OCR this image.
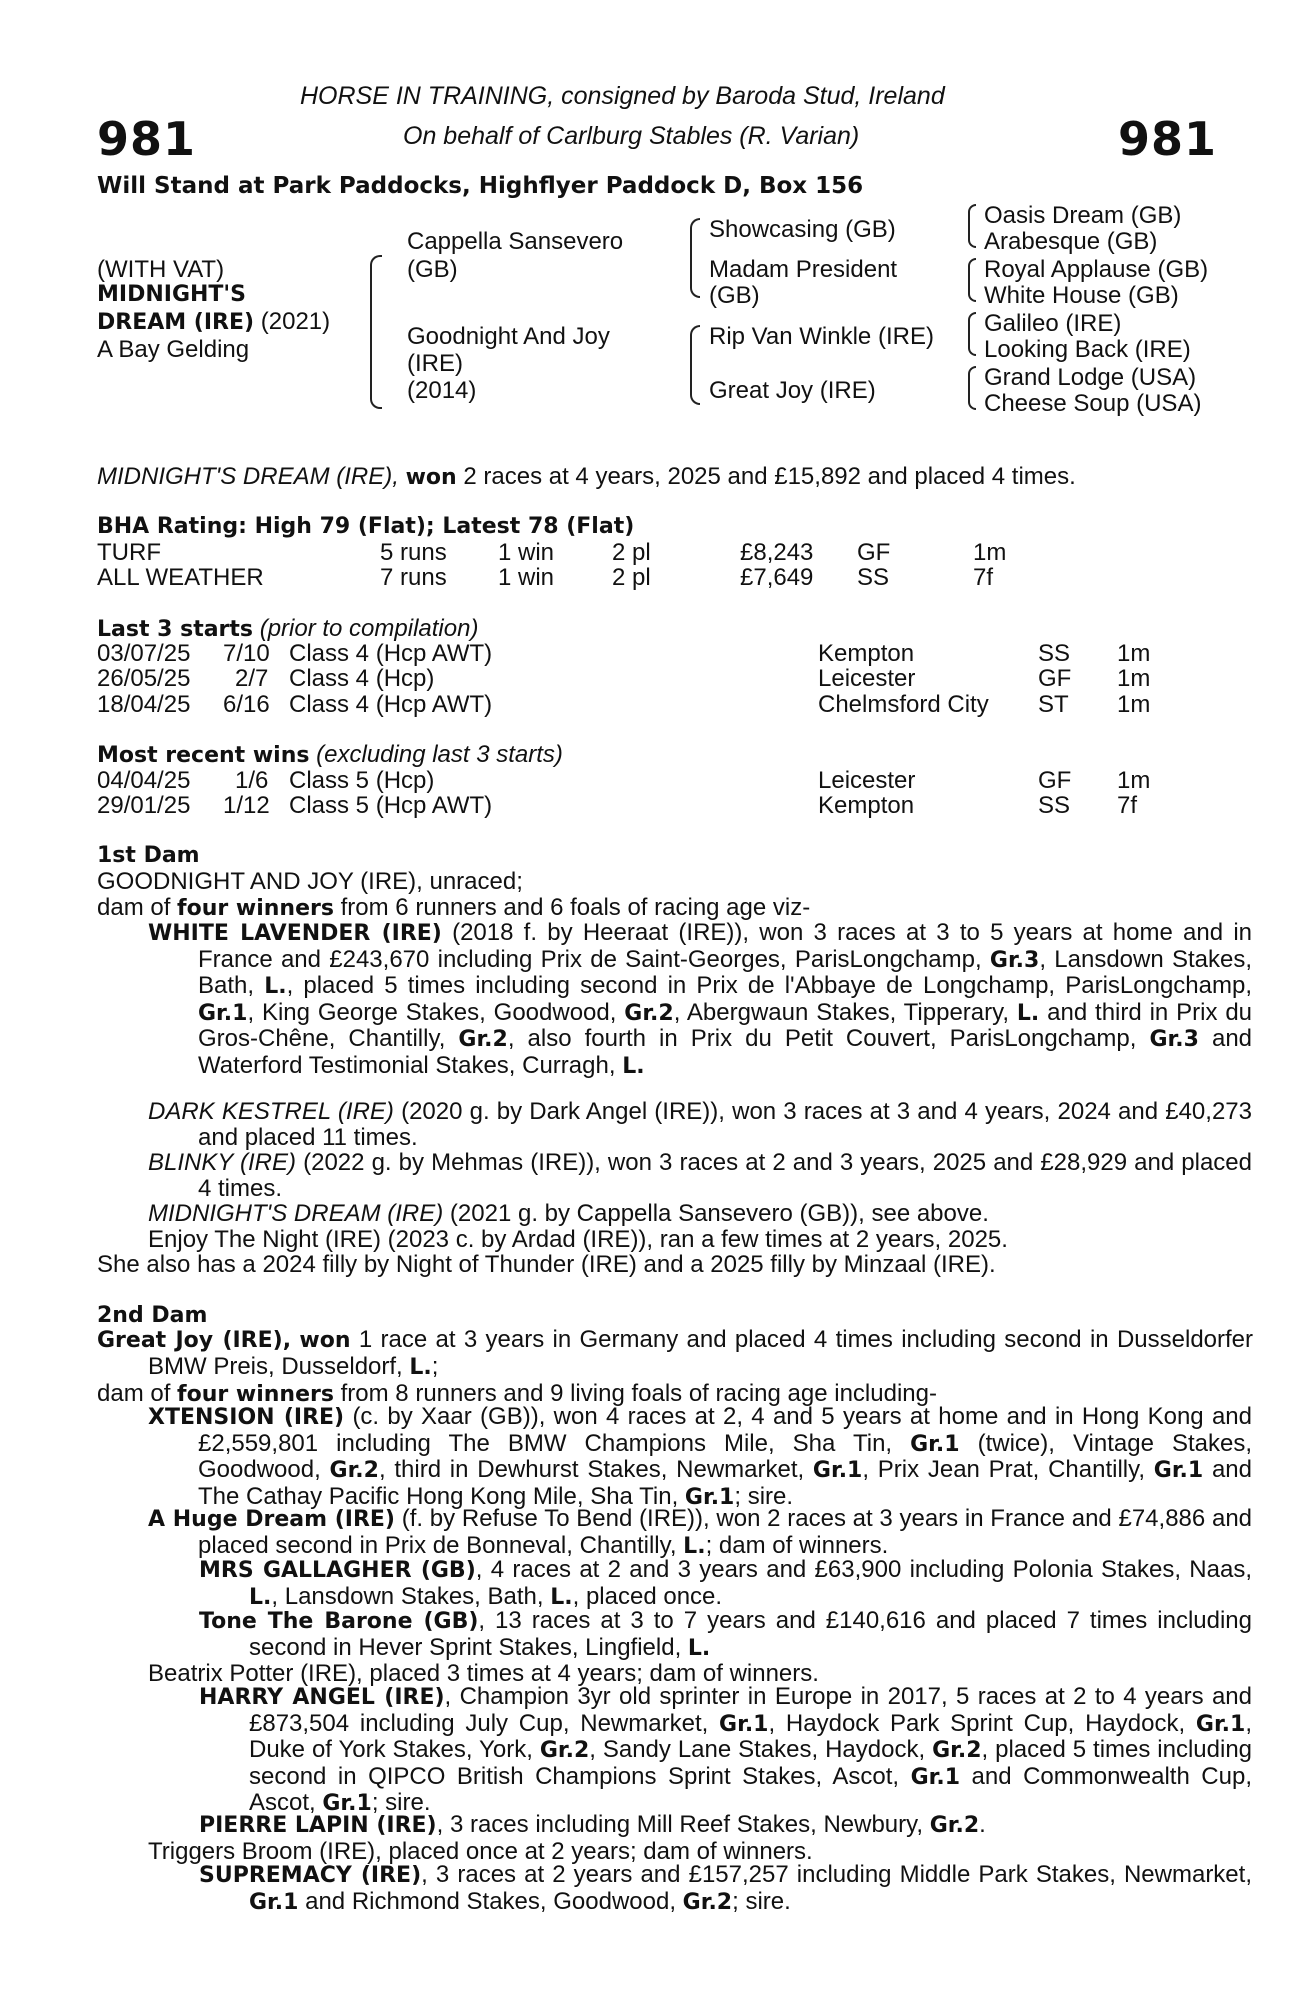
981	981
HORSE IN TRAINING, consigned by Baroda Stud, Ireland
On behalf of Carlburg Stables (R. Varian)
Will Stand at Park Paddocks, Highflyer Paddock D, Box 156
(WITH VAT)
MIDNIGHT'S
DREAM (IRE) (2021)
A Bay Gelding
Cappella Sansevero
(GB)
Goodnight And Joy
(IRE)
(2014)
Showcasing (GB)
Madam President
(GB)
Rip Van Winkle (IRE)
Great Joy (IRE)
Oasis Dream (GB)
Arabesque (GB)
Royal Applause (GB)
White House (GB)
Galileo (IRE)
Looking Back (IRE)
Grand Lodge (USA)
Cheese Soup (USA)
MIDNIGHT'S DREAM (IRE), won 2 races at 4 years, 2025 and £15,892 and placed 4 times.
BHA Rating: High 79 (Flat); Latest 78 (Flat)
TURF	5 runs 1 win 2 pl	£8,243 GF	1m
ALL WEATHER	7 runs 1 win 2 pl	£7,649 SS	7f
Last 3 starts (prior to compilation)
03/07/25 7/10 Class 4 (Hcp AWT)	Kempton	SS 1m
26/05/25 2/7 Class 4 (Hcp)	Leicester	GF 1m
18/04/25 6/16 Class 4 (Hcp AWT)	Chelmsford City ST 1m
Most recent wins (excluding last 3 starts)
04/04/25 1/6 Class 5 (Hcp)	Leicester	GF 1m
29/01/25 1/12 Class 5 (Hcp AWT)	Kempton	SS 7f
1st Dam
GOODNIGHT AND JOY (IRE), unraced;
dam of four winners from 6 runners and 6 foals of racing age viz-
WHITE LAVENDER (IRE) (2018 f. by Heeraat (IRE)), won 3 races at 3 to 5 years at home and in France and £243,670 including Prix de Saint-Georges, ParisLongchamp, Gr.3, Lansdown Stakes, Bath, L., placed 5 times including second in Prix de l'Abbaye de Longchamp, ParisLongchamp, Gr.1, King George Stakes, Goodwood, Gr.2, Abergwaun Stakes, Tipperary, L. and third in Prix du Gros-Chêne, Chantilly, Gr.2, also fourth in Prix du Petit Couvert, ParisLongchamp, Gr.3 and Waterford Testimonial Stakes, Curragh, L.
DARK KESTREL (IRE) (2020 g. by Dark Angel (IRE)), won 3 races at 3 and 4 years, 2024 and £40,273 and placed 11 times.
BLINKY (IRE) (2022 g. by Mehmas (IRE)), won 3 races at 2 and 3 years, 2025 and £28,929 and placed 4 times.
MIDNIGHT'S DREAM (IRE) (2021 g. by Cappella Sansevero (GB)), see above.
Enjoy The Night (IRE) (2023 c. by Ardad (IRE)), ran a few times at 2 years, 2025.
She also has a 2024 filly by Night of Thunder (IRE) and a 2025 filly by Minzaal (IRE).
2nd Dam
Great Joy (IRE), won 1 race at 3 years in Germany and placed 4 times including second in Dusseldorfer BMW Preis, Dusseldorf, L.;
dam of four winners from 8 runners and 9 living foals of racing age including-
XTENSION (IRE) (c. by Xaar (GB)), won 4 races at 2, 4 and 5 years at home and in Hong Kong and £2,559,801 including The BMW Champions Mile, Sha Tin, Gr.1 (twice), Vintage Stakes, Goodwood, Gr.2, third in Dewhurst Stakes, Newmarket, Gr.1, Prix Jean Prat, Chantilly, Gr.1 and The Cathay Pacific Hong Kong Mile, Sha Tin, Gr.1; sire.
A Huge Dream (IRE) (f. by Refuse To Bend (IRE)), won 2 races at 3 years in France and £74,886 and placed second in Prix de Bonneval, Chantilly, L.; dam of winners.
MRS GALLAGHER (GB), 4 races at 2 and 3 years and £63,900 including Polonia Stakes, Naas, L., Lansdown Stakes, Bath, L., placed once.
Tone The Barone (GB), 13 races at 3 to 7 years and £140,616 and placed 7 times including second in Hever Sprint Stakes, Lingfield, L.
Beatrix Potter (IRE), placed 3 times at 4 years; dam of winners.
HARRY ANGEL (IRE), Champion 3yr old sprinter in Europe in 2017, 5 races at 2 to 4 years and £873,504 including July Cup, Newmarket, Gr.1, Haydock Park Sprint Cup, Haydock, Gr.1, Duke of York Stakes, York, Gr.2, Sandy Lane Stakes, Haydock, Gr.2, placed 5 times including second in QIPCO British Champions Sprint Stakes, Ascot, Gr.1 and Commonwealth Cup, Ascot, Gr.1; sire.
PIERRE LAPIN (IRE), 3 races including Mill Reef Stakes, Newbury, Gr.2.
Triggers Broom (IRE), placed once at 2 years; dam of winners.
SUPREMACY (IRE), 3 races at 2 years and £157,257 including Middle Park Stakes, Newmarket, Gr.1 and Richmond Stakes, Goodwood, Gr.2; sire.
